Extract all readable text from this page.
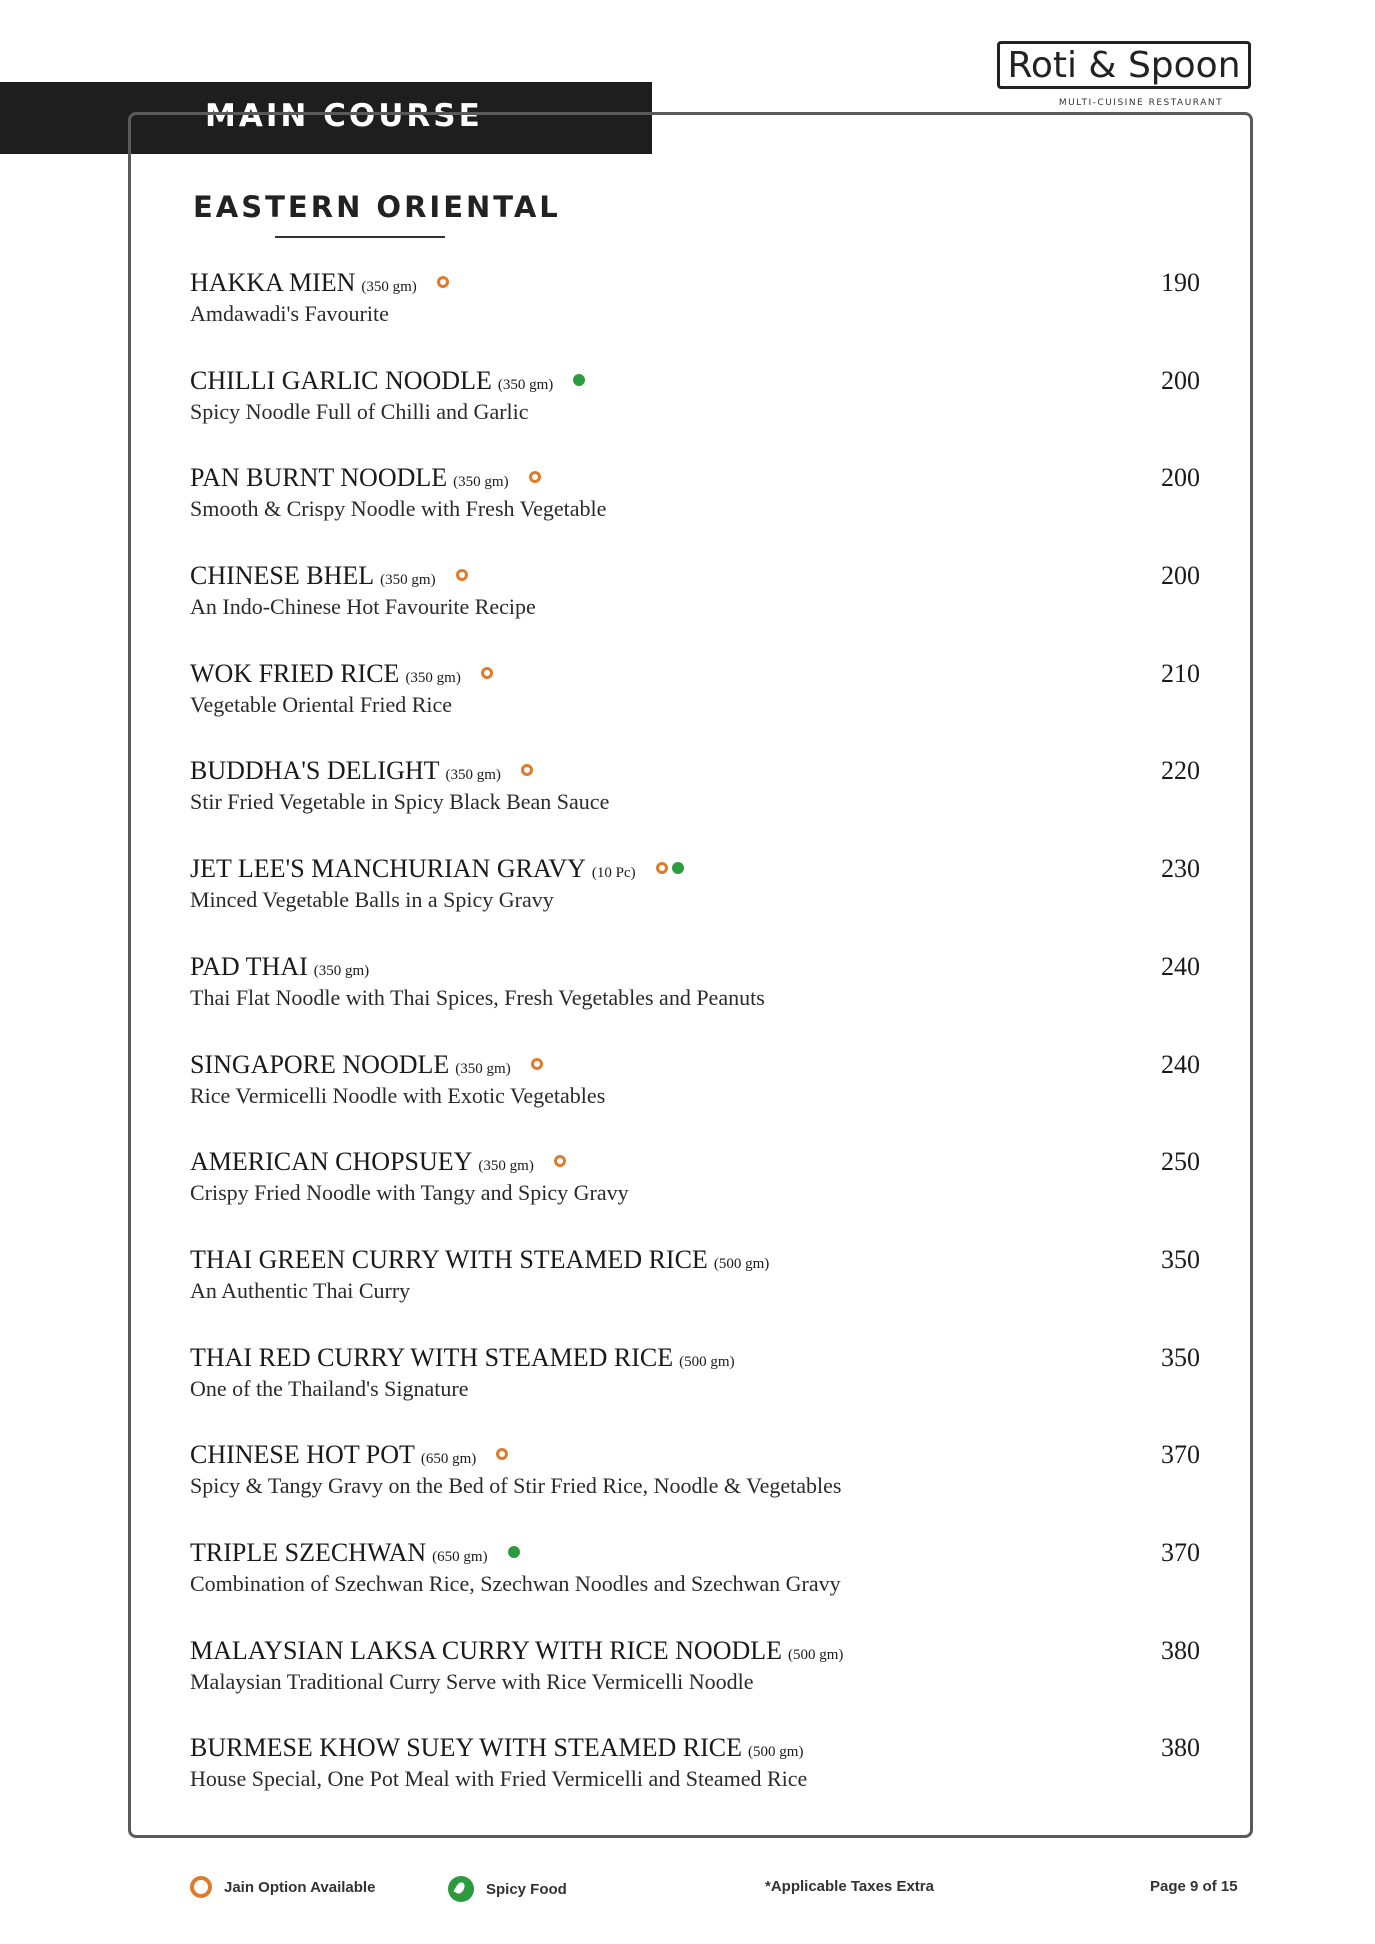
MAIN COURSE
Roti & Spoon
MULTI-CUISINE RESTAURANT
EASTERN ORIENTAL
HAKKA MIEN (350 gm)
Amdawadi's Favourite
190
CHILLI GARLIC NOODLE (350 gm)
Spicy Noodle Full of Chilli and Garlic
200
PAN BURNT NOODLE (350 gm)
Smooth & Crispy Noodle with Fresh Vegetable
200
CHINESE BHEL (350 gm)
An Indo-Chinese Hot Favourite Recipe
200
WOK FRIED RICE (350 gm)
Vegetable Oriental Fried Rice
210
BUDDHA'S DELIGHT (350 gm)
Stir Fried Vegetable in Spicy Black Bean Sauce
220
JET LEE'S MANCHURIAN GRAVY (10 Pc)
Minced Vegetable Balls in a Spicy Gravy
230
PAD THAI (350 gm)
Thai Flat Noodle with Thai Spices, Fresh Vegetables and Peanuts
240
SINGAPORE NOODLE (350 gm)
Rice Vermicelli Noodle with Exotic Vegetables
240
AMERICAN CHOPSUEY (350 gm)
Crispy Fried Noodle with Tangy and Spicy Gravy
250
THAI GREEN CURRY WITH STEAMED RICE (500 gm)
An Authentic Thai Curry
350
THAI RED CURRY WITH STEAMED RICE (500 gm)
One of the Thailand's Signature
350
CHINESE HOT POT (650 gm)
Spicy & Tangy Gravy on the Bed of Stir Fried Rice, Noodle & Vegetables
370
TRIPLE SZECHWAN (650 gm)
Combination of Szechwan Rice, Szechwan Noodles and Szechwan Gravy
370
MALAYSIAN LAKSA CURRY WITH RICE NOODLE (500 gm)
Malaysian Traditional Curry Serve with Rice Vermicelli Noodle
380
BURMESE KHOW SUEY WITH STEAMED RICE (500 gm)
House Special, One Pot Meal with Fried Vermicelli and Steamed Rice
380
Jain Option Available	Spicy Food	*Applicable Taxes Extra	Page 9 of 15
